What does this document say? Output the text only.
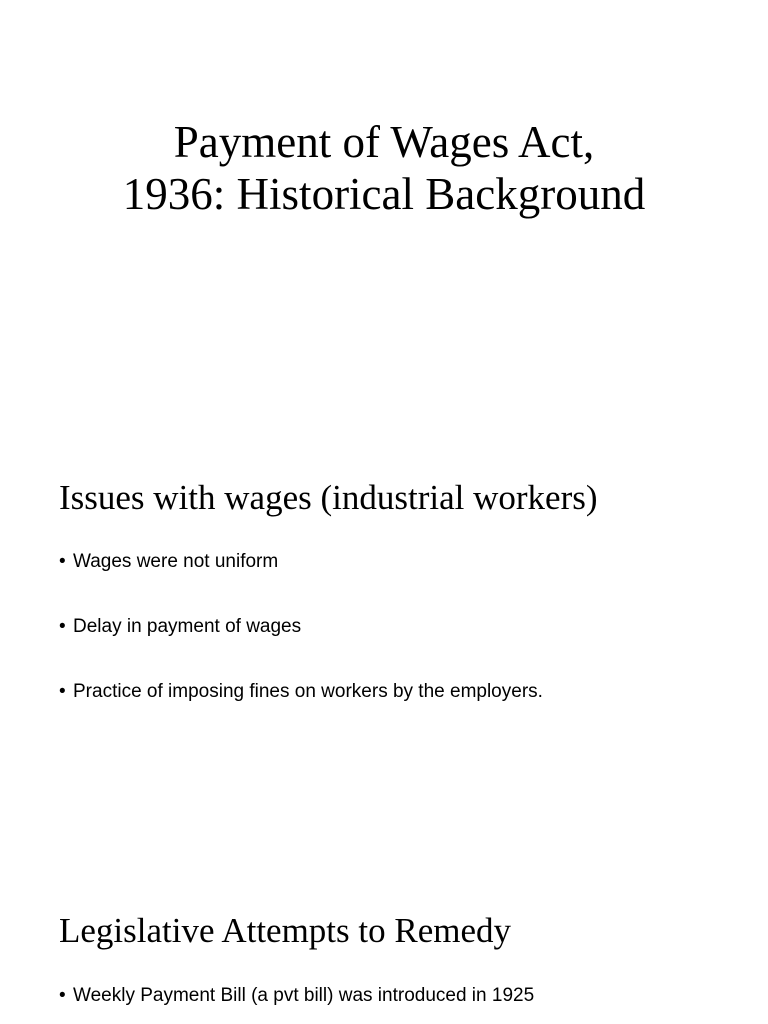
Payment of Wages Act,
1936: Historical Background
Issues with wages (industrial workers)
• Wages were not uniform
• Delay in payment of wages
• Practice of imposing fines on workers by the employers.
Legislative Attempts to Remedy
• Weekly Payment Bill (a pvt bill) was introduced in 1925
